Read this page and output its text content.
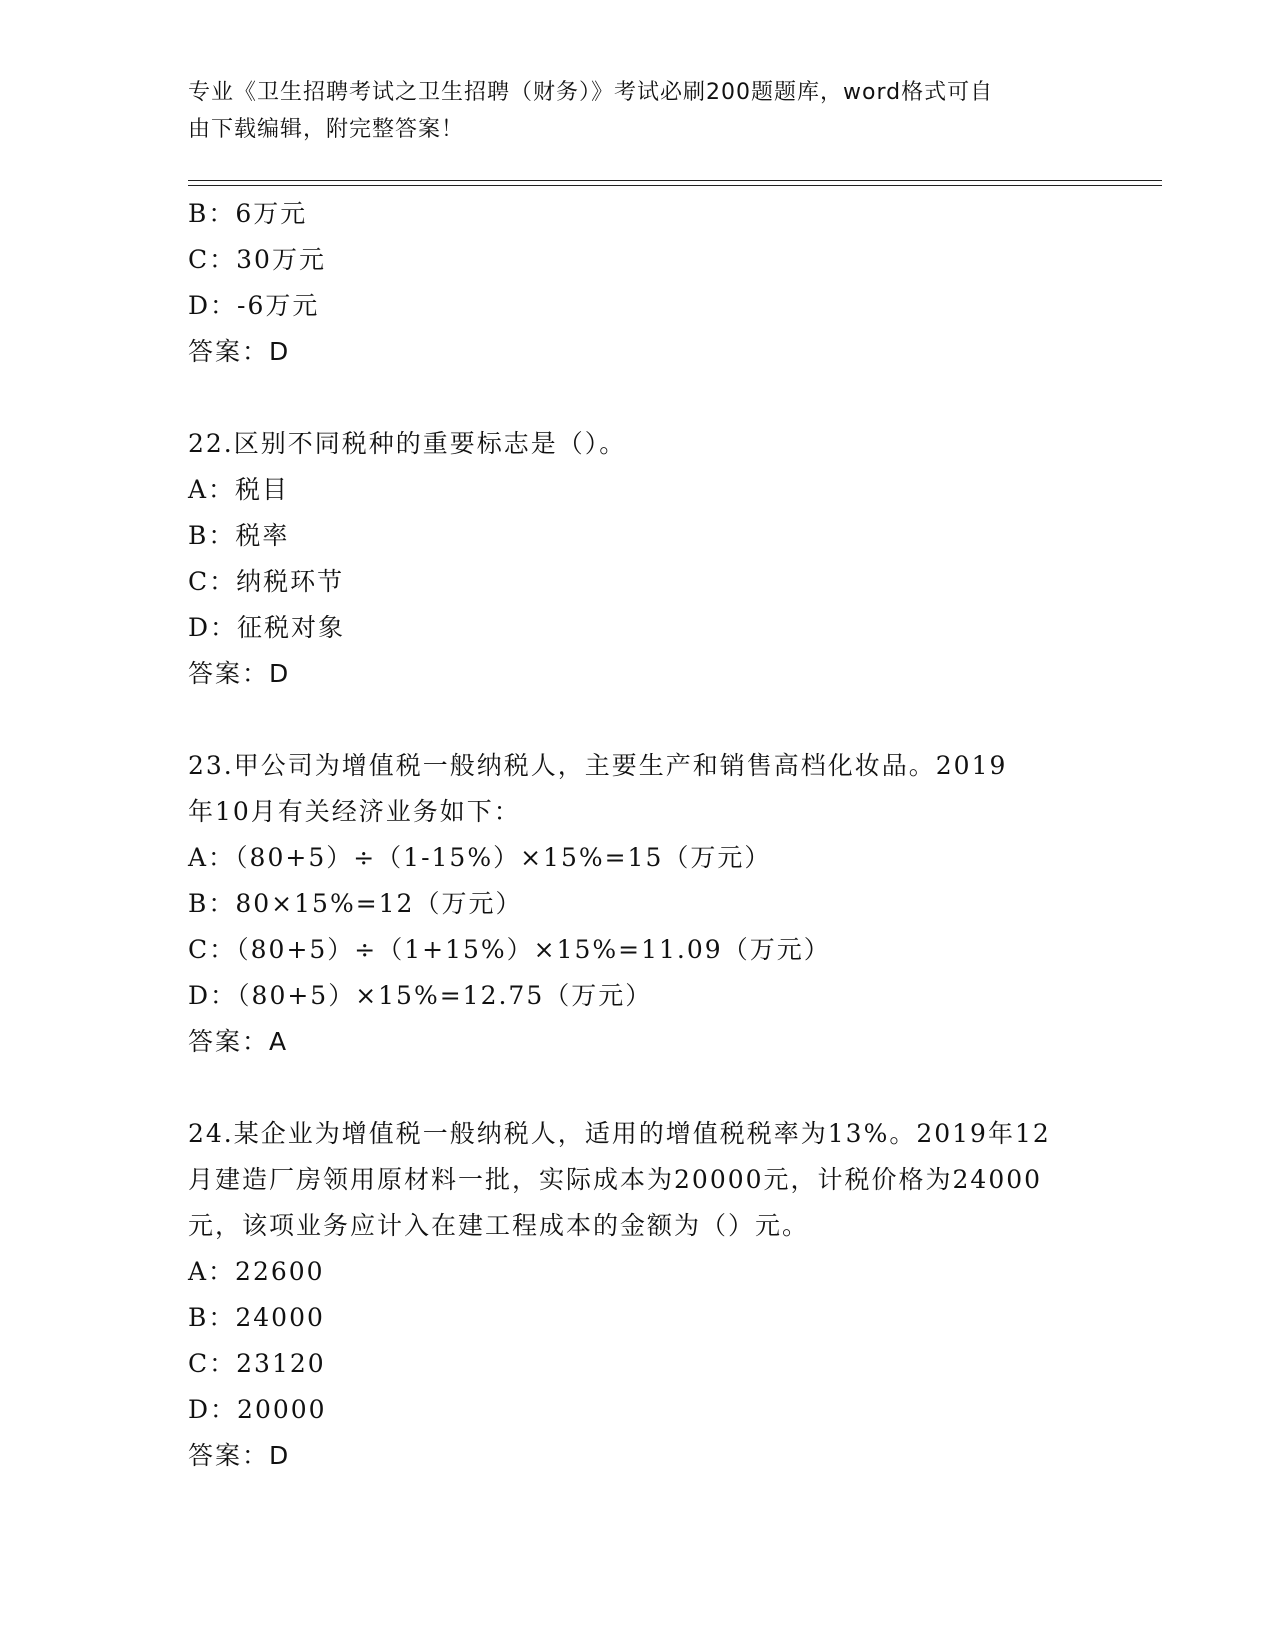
专业《卫生招聘考试之卫生招聘（财务）》考试必刷200题题库，word格式可自
由下载编辑，附完整答案！
B：6万元
C：30万元
D：-6万元
答案：D
22.区别不同税种的重要标志是（）。
A：税目
B：税率
C：纳税环节
D：征税对象
答案：D
23.甲公司为增值税一般纳税人，主要生产和销售高档化妆品。2019
年10月有关经济业务如下：
A：（80+5）÷（1-15%）×15%=15（万元）
B：80×15%=12（万元）
C：（80+5）÷（1+15%）×15%=11.09（万元）
D：（80+5）×15%=12.75（万元）
答案：A
24.某企业为增值税一般纳税人，适用的增值税税率为13%。2019年12
月建造厂房领用原材料一批，实际成本为20000元，计税价格为24000
元，该项业务应计入在建工程成本的金额为（）元。
A：22600
B：24000
C：23120
D：20000
答案：D
